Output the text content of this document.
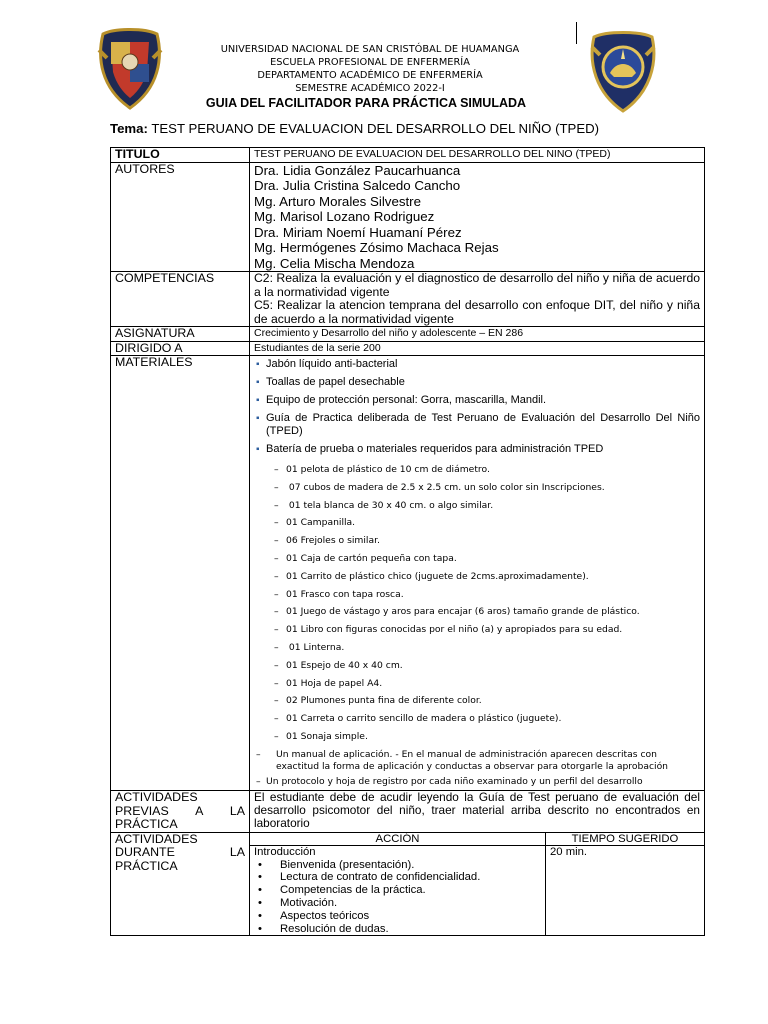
UNIVERSIDAD NACIONAL DE SAN CRISTÓBAL DE HUAMANGA
ESCUELA PROFESIONAL DE ENFERMERÍA
DEPARTAMENTO ACADÉMICO DE ENFERMERÍA
SEMESTRE ACADÉMICO 2022-I
GUIA DEL FACILITADOR PARA PRÁCTICA SIMULADA
Tema: TEST PERUANO DE EVALUACION DEL DESARROLLO DEL NIÑO (TPED)
TITULO	TEST PERUANO DE EVALUACION DEL DESARROLLO DEL NINO (TPED)
AUTORES	Dra. Lidia González Paucarhuanca
Dra. Julia Cristina Salcedo Cancho
Mg. Arturo Morales Silvestre
Mg. Marisol Lozano Rodriguez
Dra. Miriam Noemí Huamaní Pérez
Mg. Hermógenes Zósimo Machaca Rejas
Mg. Celia Mischa Mendoza

COMPETENCIAS	C2: Realiza la evaluación y el diagnostico de desarrollo del niño y niña de acuerdo a la normatividad vigente
C5: Realizar la atencion temprana del desarrollo con enfoque DIT, del niño y niña de acuerdo a la normatividad vigente

ASIGNATURA	Crecimiento y Desarrollo del niño y adolescente – EN 286
DIRIGIDO A	Estudiantes de la serie 200
MATERIALES	▪ Jabón líquido anti-bacterial
▪ Toallas de papel desechable
▪ Equipo de protección personal: Gorra, mascarilla, Mandil.
▪ Guía de Practica deliberada de Test Peruano de Evaluación del Desarrollo Del Niño (TPED)
▪ Batería de prueba o materiales requeridos para administración TPED
– 01 pelota de plástico de 10 cm de diámetro.
– 07 cubos de madera de 2.5 x 2.5 cm. un solo color sin Inscripciones.
– 01 tela blanca de 30 x 40 cm. o algo similar.
– 01 Campanilla.
– 06 Frejoles o similar.
– 01 Caja de cartón pequeña con tapa.
– 01 Carrito de plástico chico (juguete de 2cms.aproximadamente).
– 01 Frasco con tapa rosca.
– 01 Juego de vástago y aros para encajar (6 aros) tamaño grande de plástico.
– 01 Libro con figuras conocidas por el niño (a) y apropiados para su edad.
– 01 Linterna.
– 01 Espejo de 40 x 40 cm.
– 01 Hoja de papel A4.
– 02 Plumones punta fina de diferente color.
– 01 Carreta o carrito sencillo de madera o plástico (juguete).
– 01 Sonaja simple.
– Un manual de aplicación. - En el manual de administración aparecen descritas con exactitud la forma de aplicación y conductas a observar para otorgarle la aprobación
– Un protocolo y hoja de registro por cada niño examinado y un perfil del desarrollo

ACTIVIDADES PREVIAS A LA PRÁCTICA	El estudiante debe de acudir leyendo la Guía de Test peruano de evaluación del desarrollo psicomotor del niño, traer material arriba descrito no encontrados en laboratorio
ACTIVIDADES DURANTE LA PRÁCTICA	
ACCIÓN	TIEMPO SUGERIDO

Introducción
• Bienvenida (presentación).
• Lectura de contrato de confidencialidad.
• Competencias de la práctica.
• Motivación.
• Aspectos teóricos
• Resolución de dudas.
	20 min.
